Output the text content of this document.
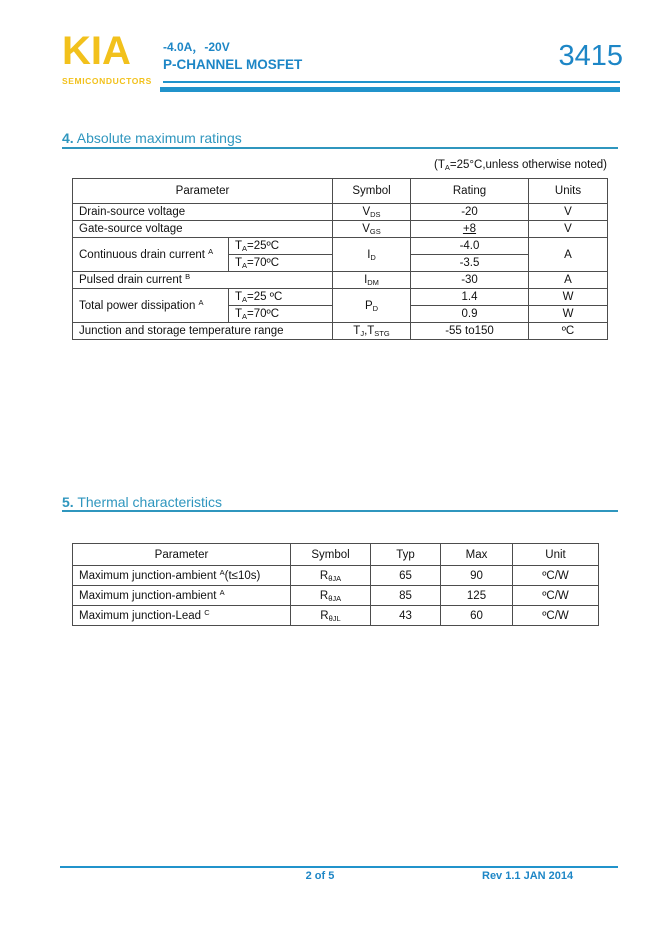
KIA
SEMICONDUCTORS
-4.0A，-20V
P-CHANNEL MOSFET	3415
4. Absolute maximum ratings
($T_A=25^\circ C,unless$ otherwise noted)
Parameter		Symbol	Rating	Units
Drain-source voltage		$V_{DS}$	-20	V
Gate-source voltage		$V_{GS}$	+8	V
Continuous drain current $^A$	$T_A=25ºC$	$I_D$	-4.0	A
	$T_A=70ºC$		-3.5	
Pulsed drain current $^B$		$I_{DM}$	-30	A
Total power dissipation $^A$	$T_A=25$ ºC	$P_D$	1.4	W
	$T_A=70ºC$		0.9	W
Junction and storage temperature range		$T_J,T_{STG}$	-55 to150	ºC
5. Thermal characteristics
Parameter	Symbol	Typ	Max	Unit
Maximum junction-ambient $^A$(t≤10s)	$R_{\theta JA}$	65	90	ºC/W
Maximum junction-ambient $^A$	$R_{\theta JA}$	85	125	ºC/W
Maximum junction-Lead $^C$	$R_{\theta JL}$	43	60	ºC/W
2 of 5	Rev 1.1 JAN 2014
